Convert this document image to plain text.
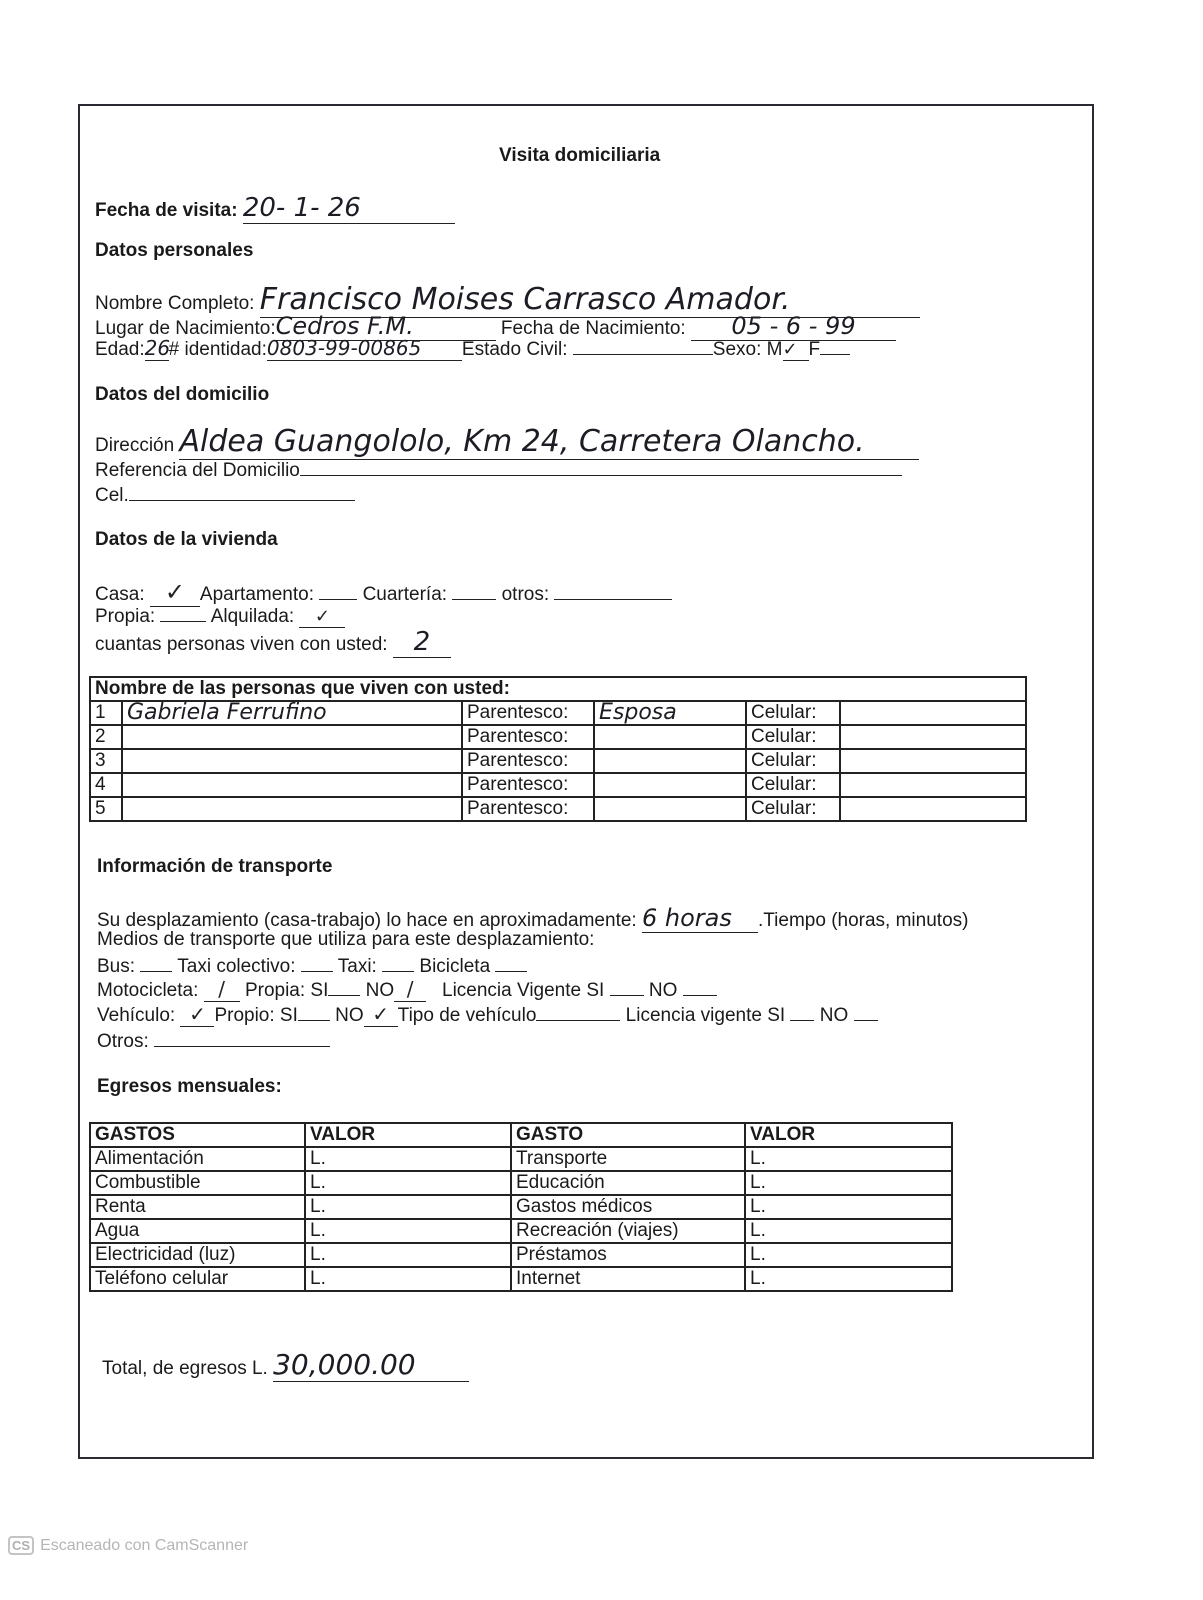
Visita domiciliaria
Fecha de visita: 20- 1- 26
Datos personales
Nombre Completo: Francisco Moises Carrasco Amador.
Lugar de Nacimiento:Cedros F.M.	Fecha de Nacimiento: 05 - 6 - 99
Edad:26# identidad:0803-99-00865 Estado Civil:	Sexo: M✓ F
Datos del domicilio
Dirección Aldea Guangololo, Km 24, Carretera Olancho.
Referencia del Domicilio
Cel.
Datos de la vivienda
Casa: ✓ Apartamento:	Cuartería:	otros:
Propia:	Alquilada: ✓
cuantas personas viven con usted: 2
Nombre de las personas que viven con usted:					
1	Gabriela Ferrufino	Parentesco:	Esposa	Celular:	
2		Parentesco:		Celular:	
3		Parentesco:		Celular:	
4		Parentesco:		Celular:	
5		Parentesco:		Celular:	
Información de transporte
Su desplazamiento (casa-trabajo) lo hace en aproximadamente: 6 horas .Tiempo (horas, minutos)
Medios de transporte que utiliza para este desplazamiento:
Bus: Taxi colectivo: Taxi: Bicicleta
Motocicleta: / Propia: SI NO / Licencia Vigente SI NO
Vehículo: ✓ Propio: SI NO ✓ Tipo de vehículo	Licencia vigente SI NO
Otros:
Egresos mensuales:
GASTOS	VALOR	GASTO	VALOR
Alimentación	L.	Transporte	L.
Combustible	L.	Educación	L.
Renta	L.	Gastos médicos	L.
Agua	L.	Recreación (viajes)	L.
Electricidad (luz)	L.	Préstamos	L.
Teléfono celular	L.	Internet	L.
Total, de egresos L. 30,000.00
CS Escaneado con CamScanner
